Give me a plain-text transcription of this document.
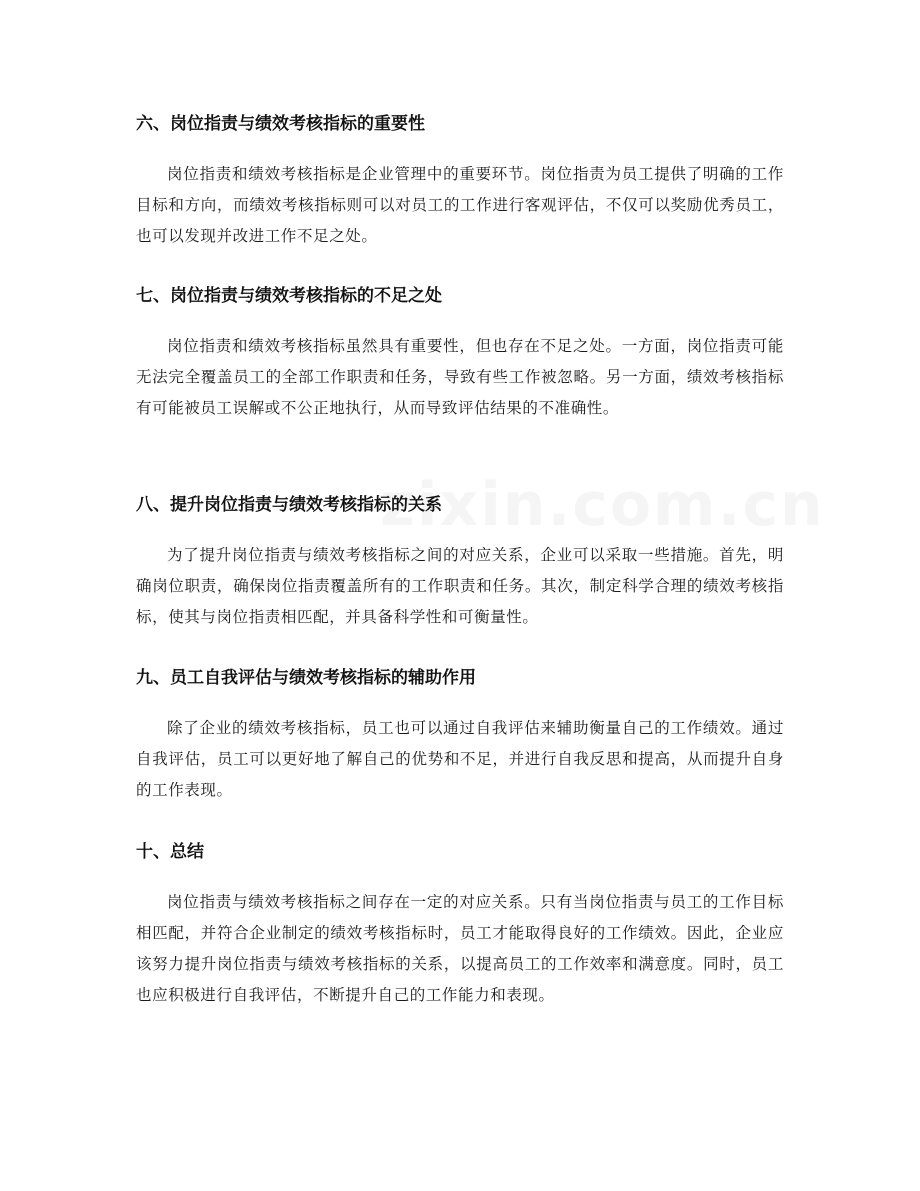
zixin.com.cn
六、岗位指责与绩效考核指标的重要性

岗位指责和绩效考核指标是企业管理中的重要环节。岗位指责为员工提供了明确的工作目标和方向，而绩效考核指标则可以对员工的工作进行客观评估，不仅可以奖励优秀员工，也可以发现并改进工作不足之处。

七、岗位指责与绩效考核指标的不足之处

岗位指责和绩效考核指标虽然具有重要性，但也存在不足之处。一方面，岗位指责可能无法完全覆盖员工的全部工作职责和任务，导致有些工作被忽略。另一方面，绩效考核指标有可能被员工误解或不公正地执行，从而导致评估结果的不准确性。

八、提升岗位指责与绩效考核指标的关系

为了提升岗位指责与绩效考核指标之间的对应关系，企业可以采取一些措施。首先，明确岗位职责，确保岗位指责覆盖所有的工作职责和任务。其次，制定科学合理的绩效考核指标，使其与岗位指责相匹配，并具备科学性和可衡量性。

九、员工自我评估与绩效考核指标的辅助作用

除了企业的绩效考核指标，员工也可以通过自我评估来辅助衡量自己的工作绩效。通过自我评估，员工可以更好地了解自己的优势和不足，并进行自我反思和提高，从而提升自身的工作表现。

十、总结

岗位指责与绩效考核指标之间存在一定的对应关系。只有当岗位指责与员工的工作目标相匹配，并符合企业制定的绩效考核指标时，员工才能取得良好的工作绩效。因此，企业应该努力提升岗位指责与绩效考核指标的关系，以提高员工的工作效率和满意度。同时，员工也应积极进行自我评估，不断提升自己的工作能力和表现。
